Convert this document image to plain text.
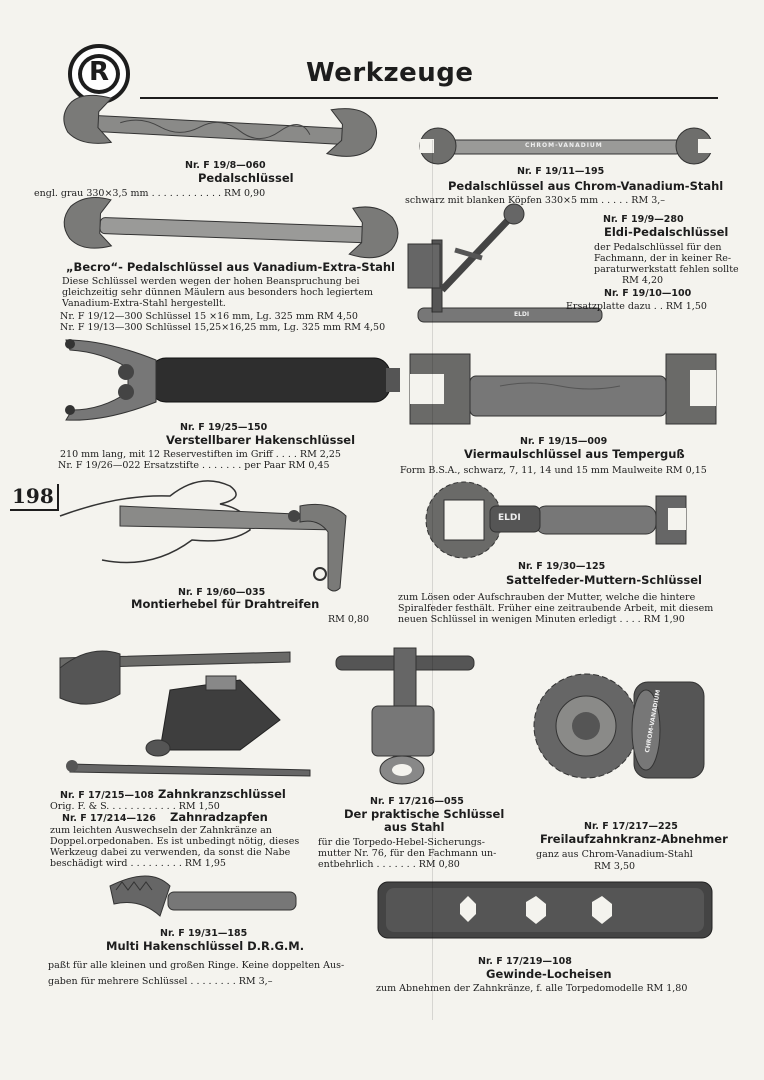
R	Werkzeuge
198
CHROM-VANADIUM
ELDI
ELDI
CHROM-VANADIUM
Nr. F 19/8—060
Pedalschlüssel
engl. grau 330×3,5 mm . . . . . . . . . . . . RM 0,90
Nr. F 19/11—195
Pedalschlüssel aus Chrom-Vanadium-Stahl
schwarz mit blanken Köpfen 330×5 mm . . . . . RM 3,–
Nr. F 19/9—280
Eldi-Pedalschlüssel
der Pedalschlüssel für den
Fachmann, der in keiner Re-
paraturwerkstatt fehlen sollte
RM 4,20
Nr. F 19/10—100
Ersatzplatte dazu . . RM 1,50
„Becro“- Pedalschlüssel aus Vanadium-Extra-Stahl
Diese Schlüssel werden wegen der hohen Beanspruchung bei
gleichzeitig sehr dünnen Mäulern aus besonders hoch legiertem
Vanadium-Extra-Stahl hergestellt.
Nr. F 19/12—300 Schlüssel 15 ×16 mm, Lg. 325 mm RM 4,50
Nr. F 19/13—300 Schlüssel 15,25×16,25 mm, Lg. 325 mm RM 4,50
Nr. F 19/25—150
Verstellbarer Hakenschlüssel
210 mm lang, mit 12 Reservestiften im Griff . . . . RM 2,25
Nr. F 19/26—022 Ersatzstifte . . . . . . . per Paar RM 0,45
Nr. F 19/15—009
Viermaulschlüssel aus Temperguß
Form B.S.A., schwarz, 7, 11, 14 und 15 mm Maulweite RM 0,15
Nr. F 19/60—035
Montierhebel für Drahtreifen
RM 0,80
Nr. F 19/30—125
Sattelfeder-Muttern-Schlüssel
zum Lösen oder Aufschrauben der Mutter, welche die hintere
Spiralfeder festhält. Früher eine zeitraubende Arbeit, mit diesem
neuen Schlüssel in wenigen Minuten erledigt . . . . RM 1,90
Nr. F 17/215—108 Zahnkranzschlüssel
Orig. F. & S. . . . . . . . . . . . RM 1,50
Nr. F 17/214—126 Zahnradzapfen
zum leichten Auswechseln der Zahnkränze an
Doppel.orpedonaben. Es ist unbedingt nötig, dieses
Werkzeug dabei zu verwenden, da sonst die Nabe
beschädigt wird . . . . . . . . . RM 1,95
Nr. F 17/216—055
Der praktische Schlüssel
aus Stahl
für die Torpedo-Hebel-Sicherungs-
mutter Nr. 76, für den Fachmann un-
entbehrlich . . . . . . . RM 0,80
Nr. F 17/217—225
Freilaufzahnkranz-Abnehmer
ganz aus Chrom-Vanadium-Stahl
RM 3,50
Nr. F 19/31—185
Multi Hakenschlüssel D.R.G.M.
paßt für alle kleinen und großen Ringe. Keine doppelten Aus-
gaben für mehrere Schlüssel . . . . . . . . RM 3,–
Nr. F 17/219—108
Gewinde-Locheisen
zum Abnehmen der Zahnkränze, f. alle Torpedomodelle RM 1,80
